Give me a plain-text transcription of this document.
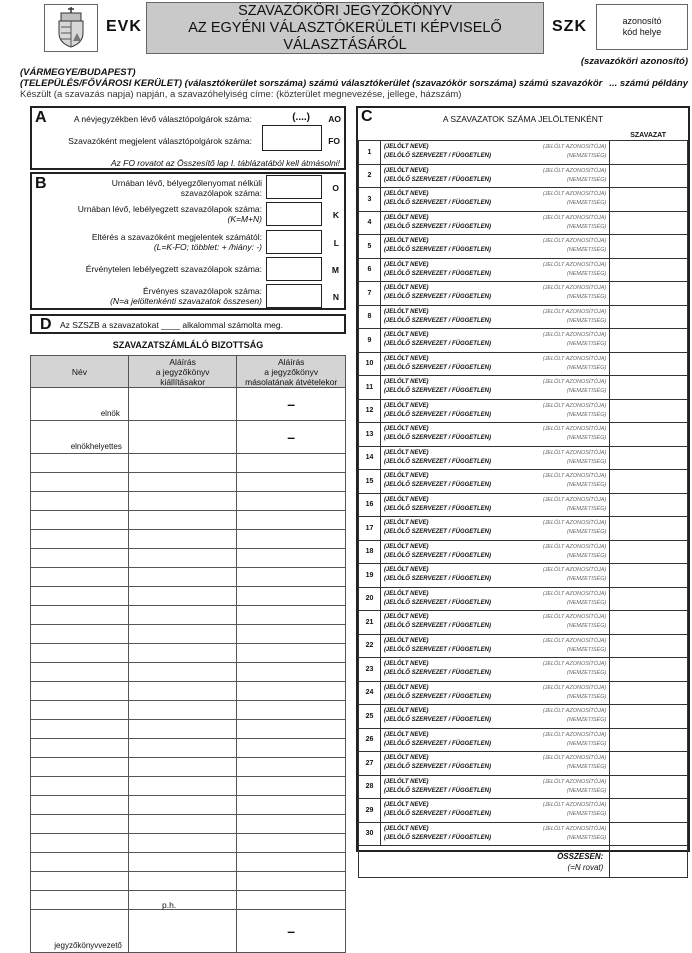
EVK
SZAVAZÓKÖRI JEGYZŐKÖNYV
AZ EGYÉNI VÁLASZTÓKERÜLETI KÉPVISELŐ VÁLASZTÁSÁRÓL
SZK	azonosító
kód helye
(szavazóköri azonosító)
(VÁRMEGYE/BUDAPEST)
(TELEPÜLÉS/FŐVÁROSI KERÜLET) (választókerület sorszáma) számú választókerület (szavazókör sorszáma) számú szavazókör ... számú példány
Készült (a szavazás napja) napján, a szavazóhelyiség címe: (közterület megnevezése, jellege, házszám)
A	A névjegyzékben lévő választópolgárok száma:	(....) AO
Szavazóként megjelent választópolgárok száma:	FO
Az FO rovatot az Összesítő lap I. táblázatából kell átmásolni!
B	Urnában lévő, bélyegzőlenyomat nélküli
szavazólapok száma:	O
Urnában lévő, lebélyegzett szavazólapok száma:
(K=M+N)	K
Eltérés a szavazóként megjelentek számától:
(L=K-FO; többlet: + /hiány: -)	L
Érvénytelen lebélyegzett szavazólapok száma:	M
Érvényes szavazólapok száma:
(N=a jelöltenkénti szavazatok összesen)	N
D Az SZSZB a szavazatokat ____ alkalommal számolta meg.
SZAVAZATSZÁMLÁLÓ BIZOTTSÁG
Név	Aláírás
a jegyzőkönyv
kiállításakor	Aláírás
a jegyzőkönyv
másolatának átvételekor
elnök		–
elnökhelyettes		–

jegyzőkönyvvezető		–
p.h.
C	A SZAVAZATOK SZÁMA JELÖLTENKÉNT
SZAVAZAT
1	(JELÖLT NEVE) (JELÖLT AZONOSÍTÓJA)
(JELÖLŐ SZERVEZET / FÜGGETLEN) (NEMZETISÉG)	

2	(JELÖLT NEVE) (JELÖLT AZONOSÍTÓJA)
(JELÖLŐ SZERVEZET / FÜGGETLEN) (NEMZETISÉG)	

3	(JELÖLT NEVE) (JELÖLT AZONOSÍTÓJA)
(JELÖLŐ SZERVEZET / FÜGGETLEN) (NEMZETISÉG)	

4	(JELÖLT NEVE) (JELÖLT AZONOSÍTÓJA)
(JELÖLŐ SZERVEZET / FÜGGETLEN) (NEMZETISÉG)	

5	(JELÖLT NEVE) (JELÖLT AZONOSÍTÓJA)
(JELÖLŐ SZERVEZET / FÜGGETLEN) (NEMZETISÉG)	

6	(JELÖLT NEVE) (JELÖLT AZONOSÍTÓJA)
(JELÖLŐ SZERVEZET / FÜGGETLEN) (NEMZETISÉG)	

7	(JELÖLT NEVE) (JELÖLT AZONOSÍTÓJA)
(JELÖLŐ SZERVEZET / FÜGGETLEN) (NEMZETISÉG)	

8	(JELÖLT NEVE) (JELÖLT AZONOSÍTÓJA)
(JELÖLŐ SZERVEZET / FÜGGETLEN) (NEMZETISÉG)	

9	(JELÖLT NEVE) (JELÖLT AZONOSÍTÓJA)
(JELÖLŐ SZERVEZET / FÜGGETLEN) (NEMZETISÉG)	

10	(JELÖLT NEVE) (JELÖLT AZONOSÍTÓJA)
(JELÖLŐ SZERVEZET / FÜGGETLEN) (NEMZETISÉG)	

11	(JELÖLT NEVE) (JELÖLT AZONOSÍTÓJA)
(JELÖLŐ SZERVEZET / FÜGGETLEN) (NEMZETISÉG)	

12	(JELÖLT NEVE) (JELÖLT AZONOSÍTÓJA)
(JELÖLŐ SZERVEZET / FÜGGETLEN) (NEMZETISÉG)	

13	(JELÖLT NEVE) (JELÖLT AZONOSÍTÓJA)
(JELÖLŐ SZERVEZET / FÜGGETLEN) (NEMZETISÉG)	

14	(JELÖLT NEVE) (JELÖLT AZONOSÍTÓJA)
(JELÖLŐ SZERVEZET / FÜGGETLEN) (NEMZETISÉG)	

15	(JELÖLT NEVE) (JELÖLT AZONOSÍTÓJA)
(JELÖLŐ SZERVEZET / FÜGGETLEN) (NEMZETISÉG)	

16	(JELÖLT NEVE) (JELÖLT AZONOSÍTÓJA)
(JELÖLŐ SZERVEZET / FÜGGETLEN) (NEMZETISÉG)	

17	(JELÖLT NEVE) (JELÖLT AZONOSÍTÓJA)
(JELÖLŐ SZERVEZET / FÜGGETLEN) (NEMZETISÉG)	

18	(JELÖLT NEVE) (JELÖLT AZONOSÍTÓJA)
(JELÖLŐ SZERVEZET / FÜGGETLEN) (NEMZETISÉG)	

19	(JELÖLT NEVE) (JELÖLT AZONOSÍTÓJA)
(JELÖLŐ SZERVEZET / FÜGGETLEN) (NEMZETISÉG)	

20	(JELÖLT NEVE) (JELÖLT AZONOSÍTÓJA)
(JELÖLŐ SZERVEZET / FÜGGETLEN) (NEMZETISÉG)	

21	(JELÖLT NEVE) (JELÖLT AZONOSÍTÓJA)
(JELÖLŐ SZERVEZET / FÜGGETLEN) (NEMZETISÉG)	

22	(JELÖLT NEVE) (JELÖLT AZONOSÍTÓJA)
(JELÖLŐ SZERVEZET / FÜGGETLEN) (NEMZETISÉG)	

23	(JELÖLT NEVE) (JELÖLT AZONOSÍTÓJA)
(JELÖLŐ SZERVEZET / FÜGGETLEN) (NEMZETISÉG)	

24	(JELÖLT NEVE) (JELÖLT AZONOSÍTÓJA)
(JELÖLŐ SZERVEZET / FÜGGETLEN) (NEMZETISÉG)	

25	(JELÖLT NEVE) (JELÖLT AZONOSÍTÓJA)
(JELÖLŐ SZERVEZET / FÜGGETLEN) (NEMZETISÉG)	

26	(JELÖLT NEVE) (JELÖLT AZONOSÍTÓJA)
(JELÖLŐ SZERVEZET / FÜGGETLEN) (NEMZETISÉG)	

27	(JELÖLT NEVE) (JELÖLT AZONOSÍTÓJA)
(JELÖLŐ SZERVEZET / FÜGGETLEN) (NEMZETISÉG)	

28	(JELÖLT NEVE) (JELÖLT AZONOSÍTÓJA)
(JELÖLŐ SZERVEZET / FÜGGETLEN) (NEMZETISÉG)	

29	(JELÖLT NEVE) (JELÖLT AZONOSÍTÓJA)
(JELÖLŐ SZERVEZET / FÜGGETLEN) (NEMZETISÉG)	

30	(JELÖLT NEVE) (JELÖLT AZONOSÍTÓJA)
(JELÖLŐ SZERVEZET / FÜGGETLEN) (NEMZETISÉG)	

ÖSSZESEN:
(=N rovat)		
